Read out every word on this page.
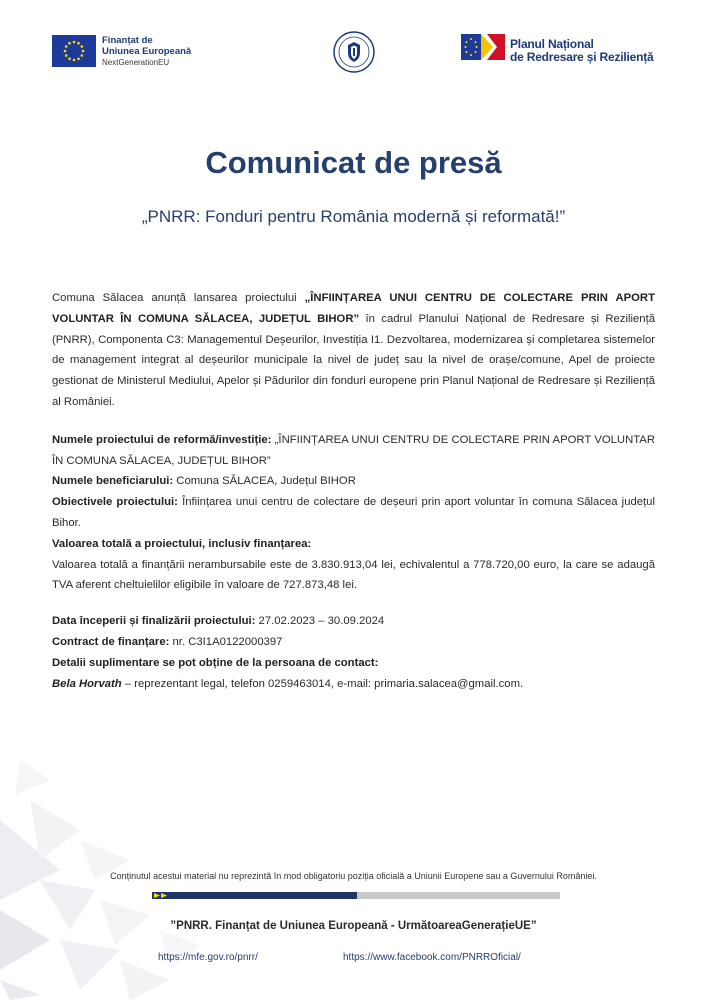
Finanțat de
Uniunea Europeană
NextGenerationEU
Planul Național
de Redresare și Reziliență
Comunicat de presă
„PNRR: Fonduri pentru România modernă și reformată!”

Comuna Sălacea anunță lansarea proiectului „ÎNFIINȚAREA UNUI CENTRU DE COLECTARE PRIN APORT VOLUNTAR ÎN COMUNA SĂLACEA, JUDEȚUL BIHOR” în cadrul Planului Național de Redresare și Reziliență (PNRR), Componenta C3: Managementul Deșeurilor, Investiția I1. Dezvoltarea, modernizarea și completarea sistemelor de management integrat al deșeurilor municipale la nivel de județ sau la nivel de orașe/comune, Apel de proiecte gestionat de Ministerul Mediului, Apelor și Pădurilor din fonduri europene prin Planul Național de Redresare și Reziliență al României.

Numele proiectului de reformă/investiție: „ÎNFIINȚAREA UNUI CENTRU DE COLECTARE PRIN APORT VOLUNTAR ÎN COMUNA SĂLACEA, JUDEȚUL BIHOR”

Numele beneficiarului: Comuna SĂLACEA, Județul BIHOR

Obiectivele proiectului: Înființarea unui centru de colectare de deșeuri prin aport voluntar în comuna Sălacea județul Bihor.

Valoarea totală a proiectului, inclusiv finanțarea:

Valoarea totală a finanțării nerambursabile este de 3.830.913,04 lei, echivalentul a 778.720,00 euro, la care se adaugă TVA aferent cheltuielilor eligibile în valoare de 727.873,48 lei.

Data începerii și finalizării proiectului: 27.02.2023 – 30.09.2024

Contract de finanțare: nr. C3I1A0122000397

Detalii suplimentare se pot obține de la persoana de contact:

Bela Horvath – reprezentant legal, telefon 0259463014, e-mail: primaria.salacea@gmail.com.

Conținutul acestui material nu reprezintă în mod obligatoriu poziția oficială a Uniunii Europene sau a Guvernului României.
”PNRR. Finanțat de Uniunea Europeană - UrmătoareaGenerațieUE”
https://mfe.gov.ro/pnrr/	https://www.facebook.com/PNRROficial/
